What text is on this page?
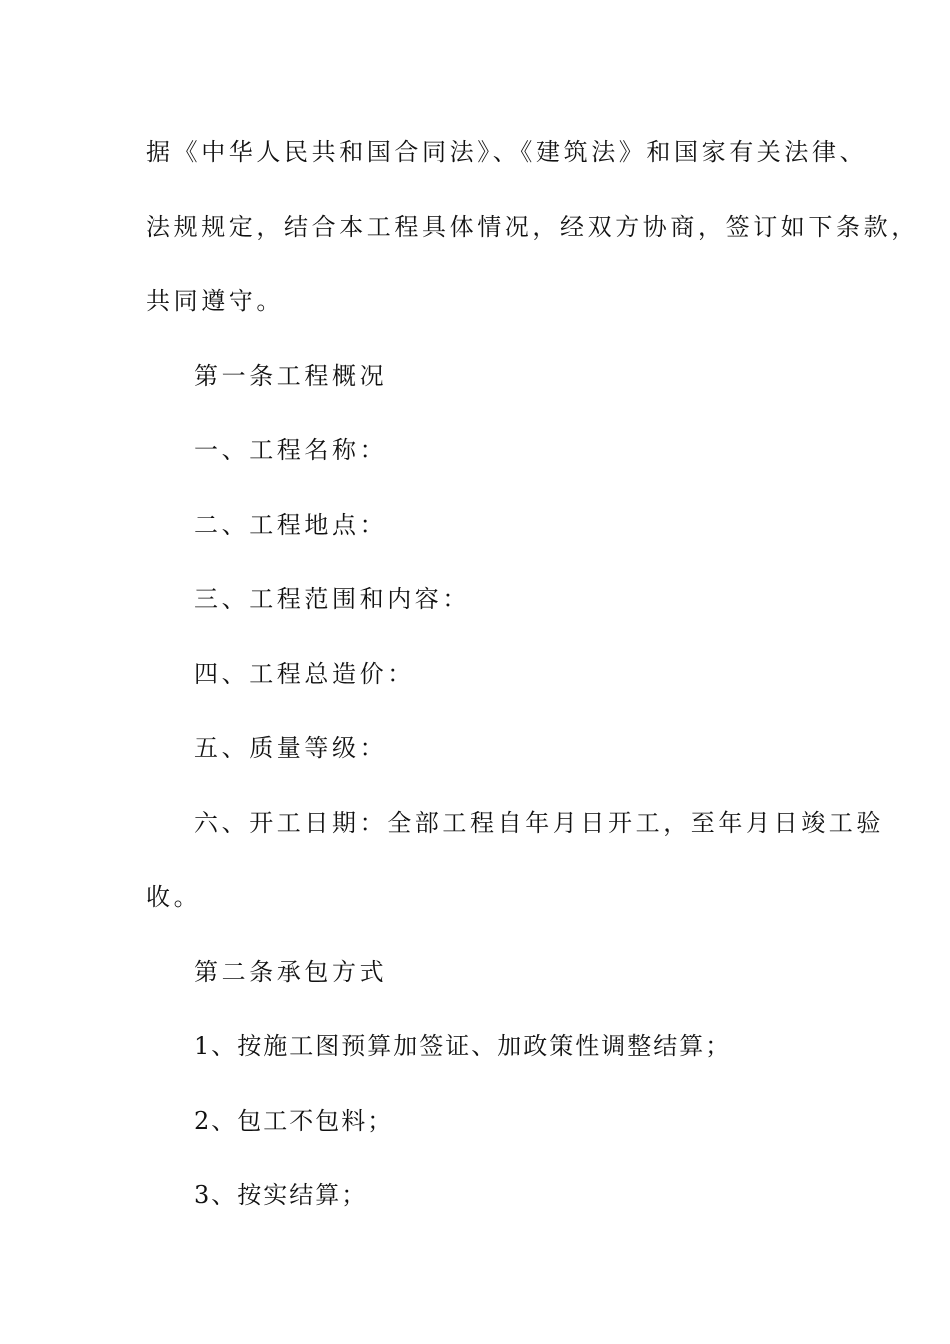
据《中华人民共和国合同法》、《建筑法》和国家有关法律、
法规规定，结合本工程具体情况，经双方协商，签订如下条款，
共同遵守。
第一条工程概况
一、工程名称：
二、工程地点：
三、工程范围和内容：
四、工程总造价：
五、质量等级：
六、开工日期：全部工程自年月日开工，至年月日竣工验
收。
第二条承包方式
1、按施工图预算加签证、加政策性调整结算；
2、包工不包料；
3、按实结算；
